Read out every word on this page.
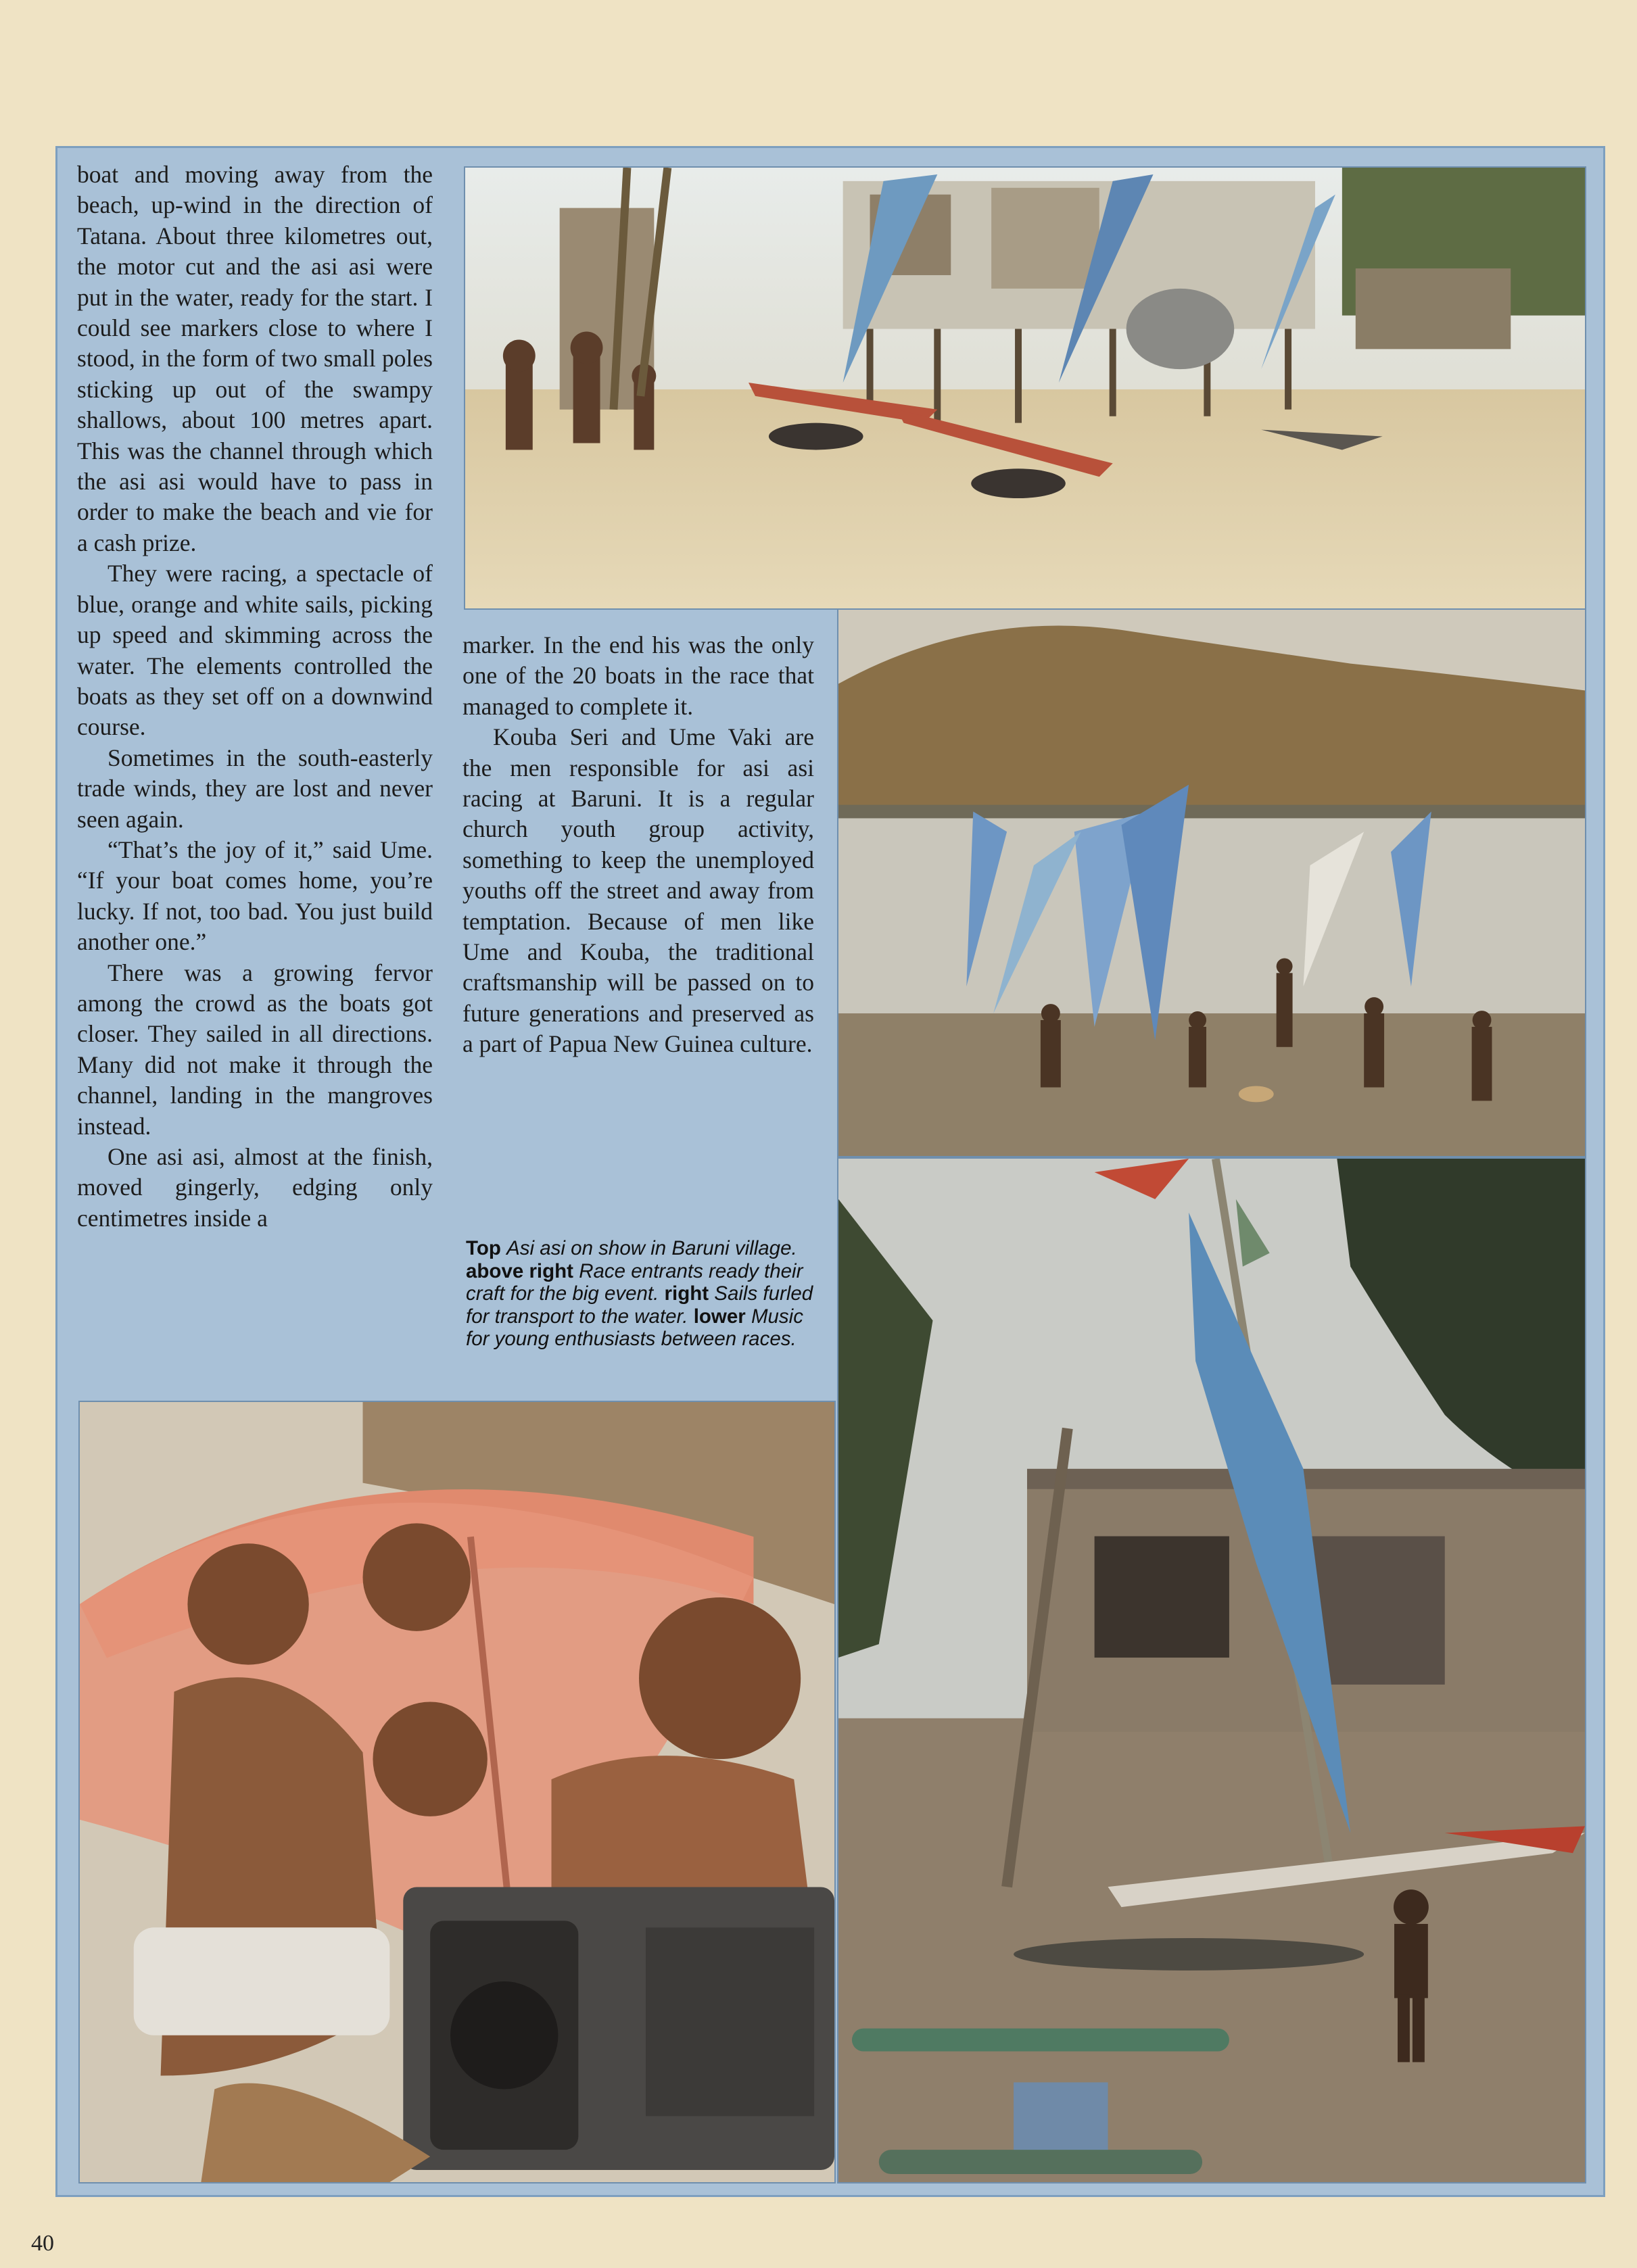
boat and moving away from the beach, up-wind in the direction of Tatana. About three kilometres out, the motor cut and the asi asi were put in the water, ready for the start. I could see markers close to where I stood, in the form of two small poles sticking up out of the swampy shallows, about 100 metres apart. This was the channel through which the asi asi would have to pass in order to make the beach and vie for a cash prize.

They were racing, a spectacle of blue, orange and white sails, picking up speed and skimming across the water. The elements controlled the boats as they set off on a downwind course.

Sometimes in the south-easterly trade winds, they are lost and never seen again.

“That’s the joy of it,” said Ume. “If your boat comes home, you’re lucky. If not, too bad. You just build another one.”

There was a growing fervor among the crowd as the boats got closer. They sailed in all directions. Many did not make it through the channel, landing in the mangroves instead.

One asi asi, almost at the finish, moved gingerly, edging only centimetres inside a

marker. In the end his was the only one of the 20 boats in the race that managed to complete it.

Kouba Seri and Ume Vaki are the men responsible for asi asi racing at Baruni. It is a regular church youth group activity, something to keep the unemployed youths off the street and away from temptation. Because of men like Ume and Kouba, the traditional craftsmanship will be passed on to future generations and preserved as a part of Papua New Guinea culture.

Top Asi asi on show in Baruni village. above right Race entrants ready their craft for the big event. right Sails furled for transport to the water. lower Music for young enthusiasts between races.
40
